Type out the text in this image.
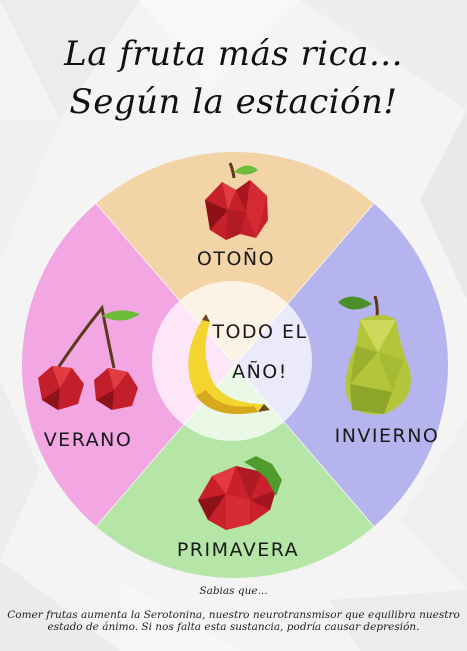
La fruta más rica...
Según la estación!
OTOÑO
INVIERNO
PRIMAVERA
VERANO
TODO EL
AÑO!
Sabias que...
Comer frutas aumenta la Serotonina, nuestro neurotransmisor que equilibra nuestro
estado de ánimo. Si nos falta esta sustancia, podría causar depresión.
